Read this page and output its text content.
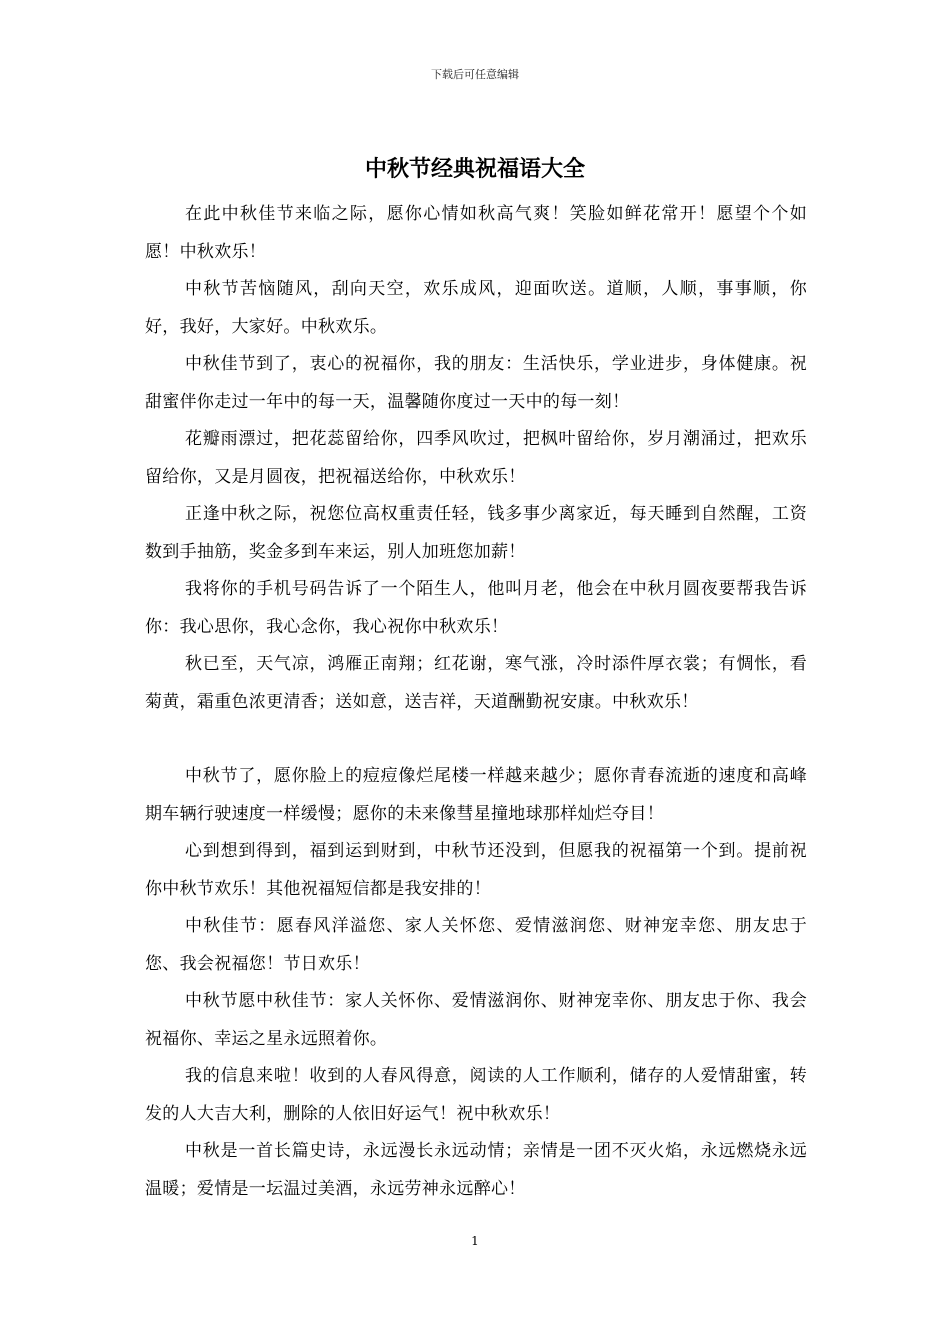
下载后可任意编辑
中秋节经典祝福语大全

在此中秋佳节来临之际，愿你心情如秋高气爽！笑脸如鲜花常开！愿望个个如愿！中秋欢乐！

中秋节苦恼随风，刮向天空，欢乐成风，迎面吹送。道顺，人顺，事事顺，你好，我好，大家好。中秋欢乐。

中秋佳节到了，衷心的祝福你，我的朋友：生活快乐，学业进步，身体健康。祝甜蜜伴你走过一年中的每一天，温馨随你度过一天中的每一刻！

花瓣雨漂过，把花蕊留给你，四季风吹过，把枫叶留给你，岁月潮涌过，把欢乐留给你，又是月圆夜，把祝福送给你，中秋欢乐！

正逢中秋之际，祝您位高权重责任轻，钱多事少离家近，每天睡到自然醒，工资数到手抽筋，奖金多到车来运，别人加班您加薪！

我将你的手机号码告诉了一个陌生人，他叫月老，他会在中秋月圆夜要帮我告诉你：我心思你，我心念你，我心祝你中秋欢乐！

秋已至，天气凉，鸿雁正南翔；红花谢，寒气涨，冷时添件厚衣裳；有惆怅，看菊黄，霜重色浓更清香；送如意，送吉祥，天道酬勤祝安康。中秋欢乐！

中秋节了，愿你脸上的痘痘像烂尾楼一样越来越少；愿你青春流逝的速度和高峰期车辆行驶速度一样缓慢；愿你的未来像彗星撞地球那样灿烂夺目！

心到想到得到，福到运到财到，中秋节还没到，但愿我的祝福第一个到。提前祝你中秋节欢乐！其他祝福短信都是我安排的！

中秋佳节：愿春风洋溢您、家人关怀您、爱情滋润您、财神宠幸您、朋友忠于您、我会祝福您！节日欢乐！

中秋节愿中秋佳节：家人关怀你、爱情滋润你、财神宠幸你、朋友忠于你、我会祝福你、幸运之星永远照着你。

我的信息来啦！收到的人春风得意，阅读的人工作顺利，储存的人爱情甜蜜，转发的人大吉大利，删除的人依旧好运气！祝中秋欢乐！

中秋是一首长篇史诗，永远漫长永远动情；亲情是一团不灭火焰，永远燃烧永远温暖；爱情是一坛温过美酒，永远劳神永远醉心！

1
